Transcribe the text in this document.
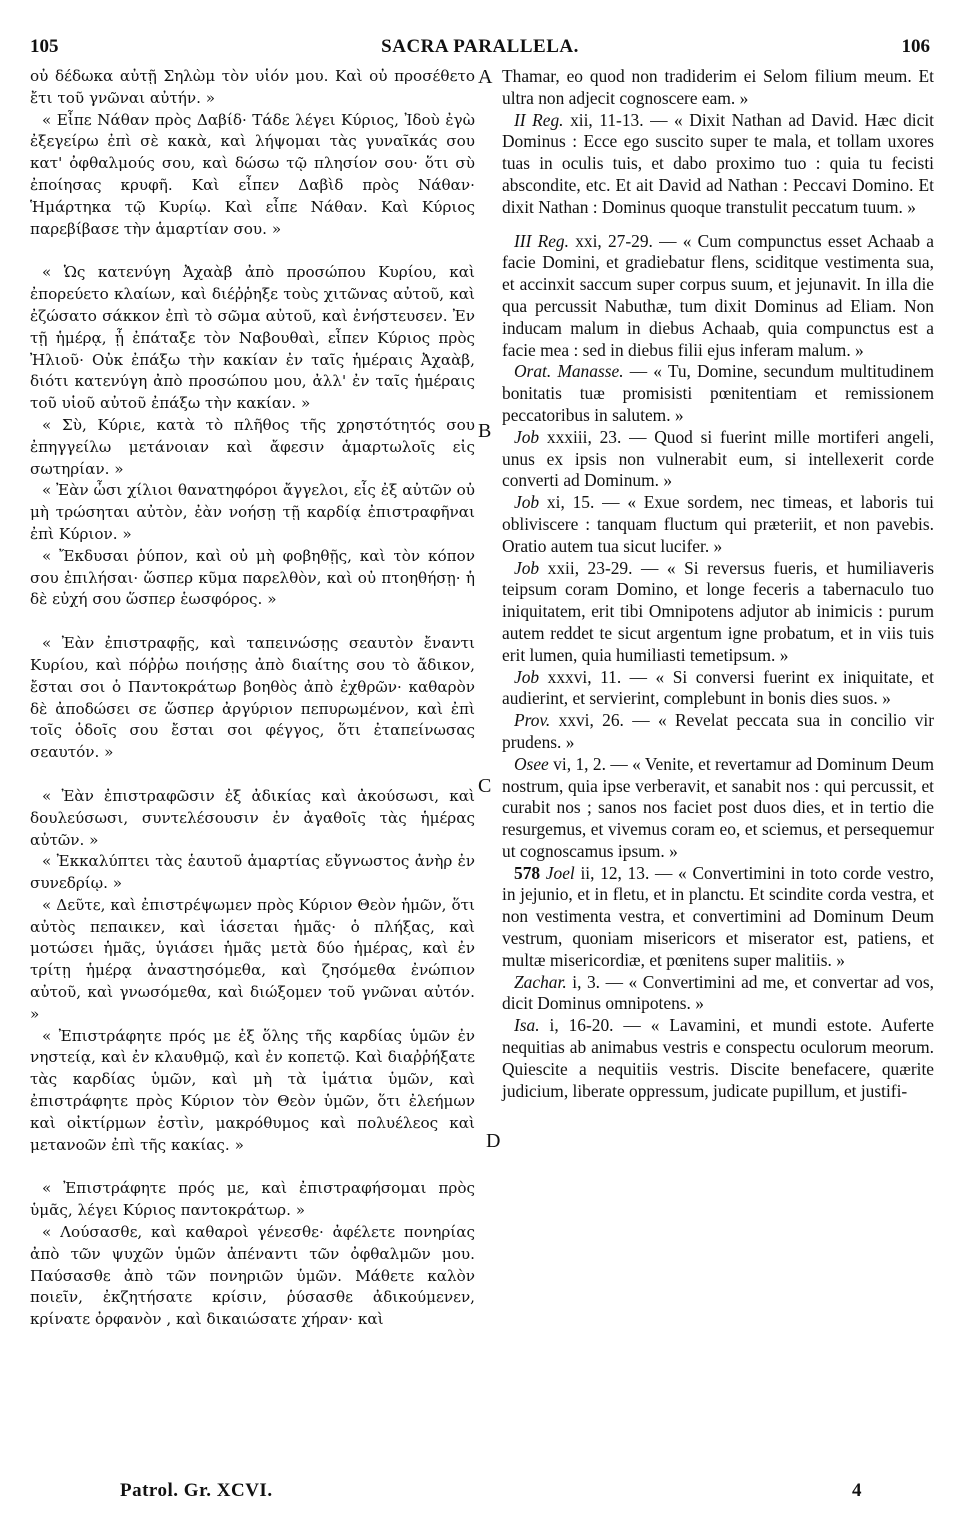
105	SACRA PARALLELA.	106

οὐ δέδωκα αὐτῇ Σηλὼμ τὸν υἱόν μου. Καὶ οὐ προσέθετο ἔτι τοῦ γνῶναι αὐτήν. »

« Εἶπε Νάθαν πρὸς Δαβίδ· Τάδε λέγει Κύριος, Ἰδοὺ ἐγὼ ἐξεγείρω ἐπὶ σὲ κακὰ, καὶ λήψομαι τὰς γυναῖκάς σου κατ' ὀφθαλμούς σου, καὶ δώσω τῷ πλησίον σου· ὅτι σὺ ἐποίησας κρυφῆ. Καὶ εἶπεν Δαβὶδ πρὸς Νάθαν· Ἡμάρτηκα τῷ Κυρίῳ. Καὶ εἶπε Νάθαν. Καὶ Κύριος παρεβίβασε τὴν ἁμαρτίαν σου. »

« Ὡς κατενύγη Ἀχαὰβ ἀπὸ προσώπου Κυρίου, καὶ ἐπορεύετο κλαίων, καὶ διέῤῥηξε τοὺς χιτῶνας αὐτοῦ, καὶ ἐζώσατο σάκκον ἐπὶ τὸ σῶμα αὐτοῦ, καὶ ἐνήστευσεν. Ἐν τῇ ἡμέρᾳ, ᾗ ἐπάταξε τὸν Ναβουθαὶ, εἶπεν Κύριος πρὸς Ἠλιοῦ· Οὐκ ἐπάξω τὴν κακίαν ἐν ταῖς ἡμέραις Ἀχαὰβ, διότι κατενύγη ἀπὸ προσώπου μου, ἀλλ' ἐν ταῖς ἡμέραις τοῦ υἱοῦ αὐτοῦ ἐπάξω τὴν κακίαν. »

« Σὺ, Κύριε, κατὰ τὸ πλῆθος τῆς χρηστότητός σου ἐπηγγείλω μετάνοιαν καὶ ἄφεσιν ἁμαρτωλοῖς εἰς σωτηρίαν. »

« Ἐὰν ὦσι χίλιοι θανατηφόροι ἄγγελοι, εἷς ἐξ αὐτῶν οὐ μὴ τρώσηται αὐτὸν, ἐὰν νοήσῃ τῇ καρδίᾳ ἐπιστραφῆναι ἐπὶ Κύριον. »

« Ἔκδυσαι ῥύπον, καὶ οὐ μὴ φοβηθῇς, καὶ τὸν κόπον σου ἐπιλήσαι· ὥσπερ κῦμα παρελθὸν, καὶ οὐ πτοηθήσῃ· ἡ δὲ εὐχή σου ὥσπερ ἑωσφόρος. »

« Ἐὰν ἐπιστραφῇς, καὶ ταπεινώσῃς σεαυτὸν ἔναντι Κυρίου, καὶ πόῤῥω ποιήσῃς ἀπὸ διαίτης σου τὸ ἄδικον, ἔσται σοι ὁ Παντοκράτωρ βοηθὸς ἀπὸ ἐχθρῶν· καθαρὸν δὲ ἀποδώσει σε ὥσπερ ἀργύριον πεπυρωμένον, καὶ ἐπὶ τοῖς ὁδοῖς σου ἔσται σοι φέγγος, ὅτι ἐταπείνωσας σεαυτόν. »

« Ἐὰν ἐπιστραφῶσιν ἐξ ἀδικίας καὶ ἀκούσωσι, καὶ δουλεύσωσι, συντελέσουσιν ἐν ἀγαθοῖς τὰς ἡμέρας αὐτῶν. »

« Ἐκκαλύπτει τὰς ἑαυτοῦ ἁμαρτίας εὔγνωστος ἀνὴρ ἐν συνεδρίῳ. »

« Δεῦτε, καὶ ἐπιστρέψωμεν πρὸς Κύριον Θεὸν ἡμῶν, ὅτι αὐτὸς πεπαικεν, καὶ ἰάσεται ἡμᾶς· ὁ πλήξας, καὶ μοτώσει ἡμᾶς, ὑγιάσει ἡμᾶς μετὰ δύο ἡμέρας, καὶ ἐν τρίτῃ ἡμέρᾳ ἀναστησόμεθα, καὶ ζησόμεθα ἐνώπιον αὐτοῦ, καὶ γνωσόμεθα, καὶ διώξομεν τοῦ γνῶναι αὐτόν. »

« Ἐπιστράφητε πρός με ἐξ ὅλης τῆς καρδίας ὑμῶν ἐν νηστείᾳ, καὶ ἐν κλαυθμῷ, καὶ ἐν κοπετῷ. Καὶ διαῤῥήξατε τὰς καρδίας ὑμῶν, καὶ μὴ τὰ ἱμάτια ὑμῶν, καὶ ἐπιστράφητε πρὸς Κύριον τὸν Θεὸν ὑμῶν, ὅτι ἐλεήμων καὶ οἰκτίρμων ἐστὶν, μακρόθυμος καὶ πολυέλεος καὶ μετανοῶν ἐπὶ τῆς κακίας. »

« Ἐπιστράφητε πρός με, καὶ ἐπιστραφήσομαι πρὸς ὑμᾶς, λέγει Κύριος παντοκράτωρ. »

« Λούσασθε, καὶ καθαροὶ γένεσθε· ἀφέλετε πονηρίας ἀπὸ τῶν ψυχῶν ὑμῶν ἀπέναντι τῶν ὀφθαλμῶν μου. Παύσασθε ἀπὸ τῶν πονηριῶν ὑμῶν. Μάθετε καλὸν ποιεῖν, ἐκζητήσατε κρίσιν, ῥύσασθε ἀδικούμενεν, κρίνατε ὀρφανὸν , καὶ δικαιώσατε χήραν· καὶ

A
B
C
D

Thamar, eo quod non tradiderim ei Selom filium meum. Et ultra non adjecit cognoscere eam. »

II Reg. xii, 11-13. — « Dixit Nathan ad David. Hæc dicit Dominus : Ecce ego suscito super te mala, et tollam uxores tuas in oculis tuis, et dabo proximo tuo : quia tu fecisti abscondite, etc. Et ait David ad Nathan : Peccavi Domino. Et dixit Nathan : Dominus quoque transtulit peccatum tuum. »

III Reg. xxi, 27-29. — « Cum compunctus esset Achaab a facie Domini, et gradiebatur flens, sciditque vestimenta sua, et accinxit saccum super corpus suum, et jejunavit. In illa die qua percussit Nabuthæ, tum dixit Dominus ad Eliam. Non inducam malum in diebus Achaab, quia compunctus est a facie mea : sed in diebus filii ejus inferam malum. »

Orat. Manasse. — « Tu, Domine, secundum multitudinem bonitatis tuæ promisisti pœnitentiam et remissionem peccatoribus in salutem. »

Job xxxiii, 23. — Quod si fuerint mille mortiferi angeli, unus ex ipsis non vulnerabit eum, si intellexerit corde converti ad Dominum. »

Job xi, 15. — « Exue sordem, nec timeas, et laboris tui obliviscere : tanquam fluctum qui præteriit, et non pavebis. Oratio autem tua sicut lucifer. »

Job xxii, 23-29. — « Si reversus fueris, et humiliaveris teipsum coram Domino, et longe feceris a tabernaculo tuo iniquitatem, erit tibi Omnipotens adjutor ab inimicis : purum autem reddet te sicut argentum igne probatum, et in viis tuis erit lumen, quia humiliasti temetipsum. »

Job xxxvi, 11. — « Si conversi fuerint ex iniquitate, et audierint, et servierint, complebunt in bonis dies suos. »

Prov. xxvi, 26. — « Revelat peccata sua in concilio vir prudens. »

Osee vi, 1, 2. — « Venite, et revertamur ad Dominum Deum nostrum, quia ipse verberavit, et sanabit nos : qui percussit, et curabit nos ; sanos nos faciet post duos dies, et in tertio die resurgemus, et vivemus coram eo, et sciemus, et persequemur ut cognoscamus ipsum. »

578 Joel ii, 12, 13. — « Convertimini in toto corde vestro, in jejunio, et in fletu, et in planctu. Et scindite corda vestra, et non vestimenta vestra, et convertimini ad Dominum Deum vestrum, quoniam misericors et miserator est, patiens, et multæ misericordiæ, et pœnitens super malitiis. »

Zachar. i, 3. — « Convertimini ad me, et convertar ad vos, dicit Dominus omnipotens. »

Isa. i, 16-20. — « Lavamini, et mundi estote. Auferte nequitias ab animabus vestris e conspectu oculorum meorum. Quiescite a nequitiis vestris. Discite benefacere, quærite judicium, liberate oppressum, judicate pupillum, et justifi-

Patrol. Gr. XCVI.	4
